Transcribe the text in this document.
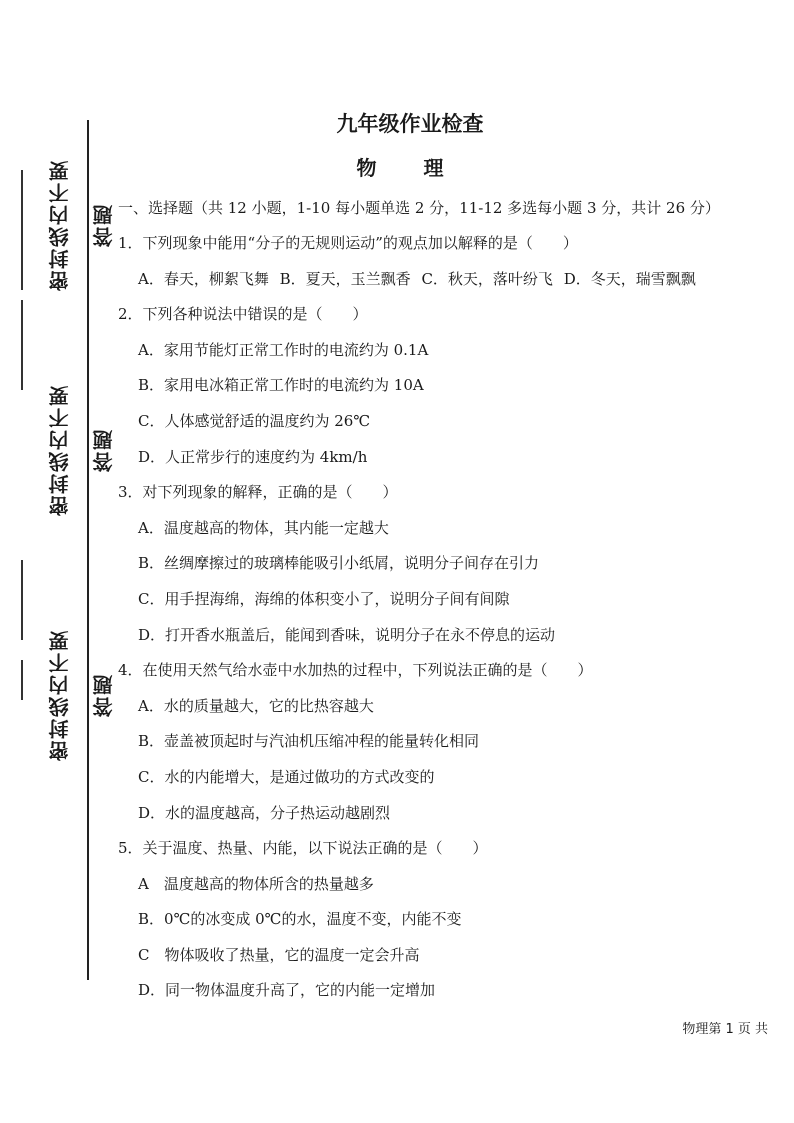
密封线内不要答题
密封线内不要答题
密封线内不要答题
九年级作业检查
物 理
一、选择题（共 12 小题，1-10 每小题单选 2 分，11-12 多选每小题 3 分，共计 26 分）
1．下列现象中能用“分子的无规则运动”的观点加以解释的是（　　）
A．春天，柳絮飞舞 B．夏天，玉兰飘香 C．秋天，落叶纷飞 D．冬天，瑞雪飘飘
2．下列各种说法中错误的是（　　）
A．家用节能灯正常工作时的电流约为 0.1A
B．家用电冰箱正常工作时的电流约为 10A
C．人体感觉舒适的温度约为 26℃
D．人正常步行的速度约为 4km/h
3．对下列现象的解释，正确的是（　　）
A．温度越高的物体，其内能一定越大
B．丝绸摩擦过的玻璃棒能吸引小纸屑，说明分子间存在引力
C．用手捏海绵，海绵的体积变小了，说明分子间有间隙
D．打开香水瓶盖后，能闻到香味，说明分子在永不停息的运动
4．在使用天然气给水壶中水加热的过程中，下列说法正确的是（　　）
A．水的质量越大，它的比热容越大
B．壶盖被顶起时与汽油机压缩冲程的能量转化相同
C．水的内能增大，是通过做功的方式改变的
D．水的温度越高，分子热运动越剧烈
5．关于温度、热量、内能，以下说法正确的是（　　）
A　温度越高的物体所含的热量越多
B．0℃的冰变成 0℃的水，温度不变，内能不变
C　物体吸收了热量，它的温度一定会升高
D．同一物体温度升高了，它的内能一定增加
物理第 1 页 共
